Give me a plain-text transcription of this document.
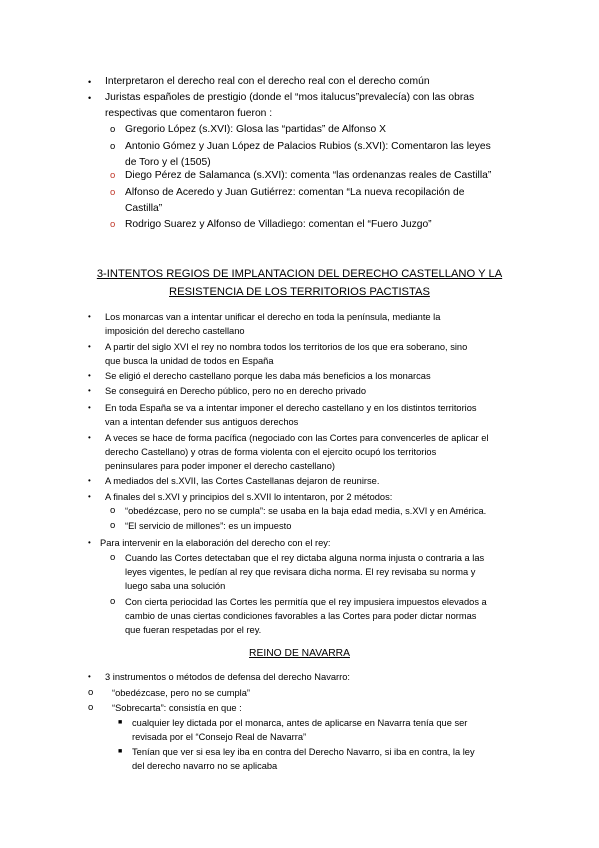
• Interpretaron el derecho real con el derecho real con el derecho común
• Juristas españoles de prestigio (donde el “mos italucus”prevalecía) con las obras
respectivas que comentaron fueron :
o Gregorio López (s.XVI): Glosa las “partidas” de Alfonso X
o Antonio Gómez y Juan López de Palacios Rubios (s.XVI): Comentaron las leyes
de Toro y el (1505)
o Diego Pérez de Salamanca (s.XVI): comenta “las ordenanzas reales de Castilla”
o Alfonso de Aceredo y Juan Gutiérrez: comentan “La nueva recopilación de
Castilla”
o Rodrigo Suarez y Alfonso de Villadiego: comentan el “Fuero Juzgo”
3-INTENTOS REGIOS DE IMPLANTACION DEL DERECHO CASTELLANO Y LA
RESISTENCIA DE LOS TERRITORIOS PACTISTAS
• Los monarcas van a intentar unificar el derecho en toda la península, mediante la
imposición del derecho castellano
• A partir del siglo XVI el rey no nombra todos los territorios de los que era soberano, sino
que busca la unidad de todos en España
• Se eligió el derecho castellano porque les daba más beneficios a los monarcas
• Se conseguirá en Derecho público, pero no en derecho privado
• En toda España se va a intentar imponer el derecho castellano y en los distintos territorios
van a intentan defender sus antiguos derechos
• A veces se hace de forma pacífica (negociado con las Cortes para convencerles de aplicar el
derecho Castellano) y otras de forma violenta con el ejercito ocupó los territorios
peninsulares para poder imponer el derecho castellano)
• A mediados del s.XVII, las Cortes Castellanas dejaron de reunirse.
• A finales del s.XVI y principios del s.XVII lo intentaron, por 2 métodos:
o “obedézcase, pero no se cumpla”: se usaba en la baja edad media, s.XVI y en América.
o “El servicio de millones”: es un impuesto
• Para intervenir en la elaboración del derecho con el rey:
o Cuando las Cortes detectaban que el rey dictaba alguna norma injusta o contraria a las
leyes vigentes, le pedían al rey que revisara dicha norma. El rey revisaba su norma y
luego saba una solución
o Con cierta periocidad las Cortes les permitía que el rey impusiera impuestos elevados a
cambio de unas ciertas condiciones favorables a las Cortes para poder dictar normas
que fueran respetadas por el rey.
REINO DE NAVARRA
• 3 instrumentos o métodos de defensa del derecho Navarro:
o “obedézcase, pero no se cumpla”
o “Sobrecarta”: consistía en que :
■ cualquier ley dictada por el monarca, antes de aplicarse en Navarra tenía que ser
revisada por el “Consejo Real de Navarra”
■ Tenían que ver si esa ley iba en contra del Derecho Navarro, si iba en contra, la ley
del derecho navarro no se aplicaba
